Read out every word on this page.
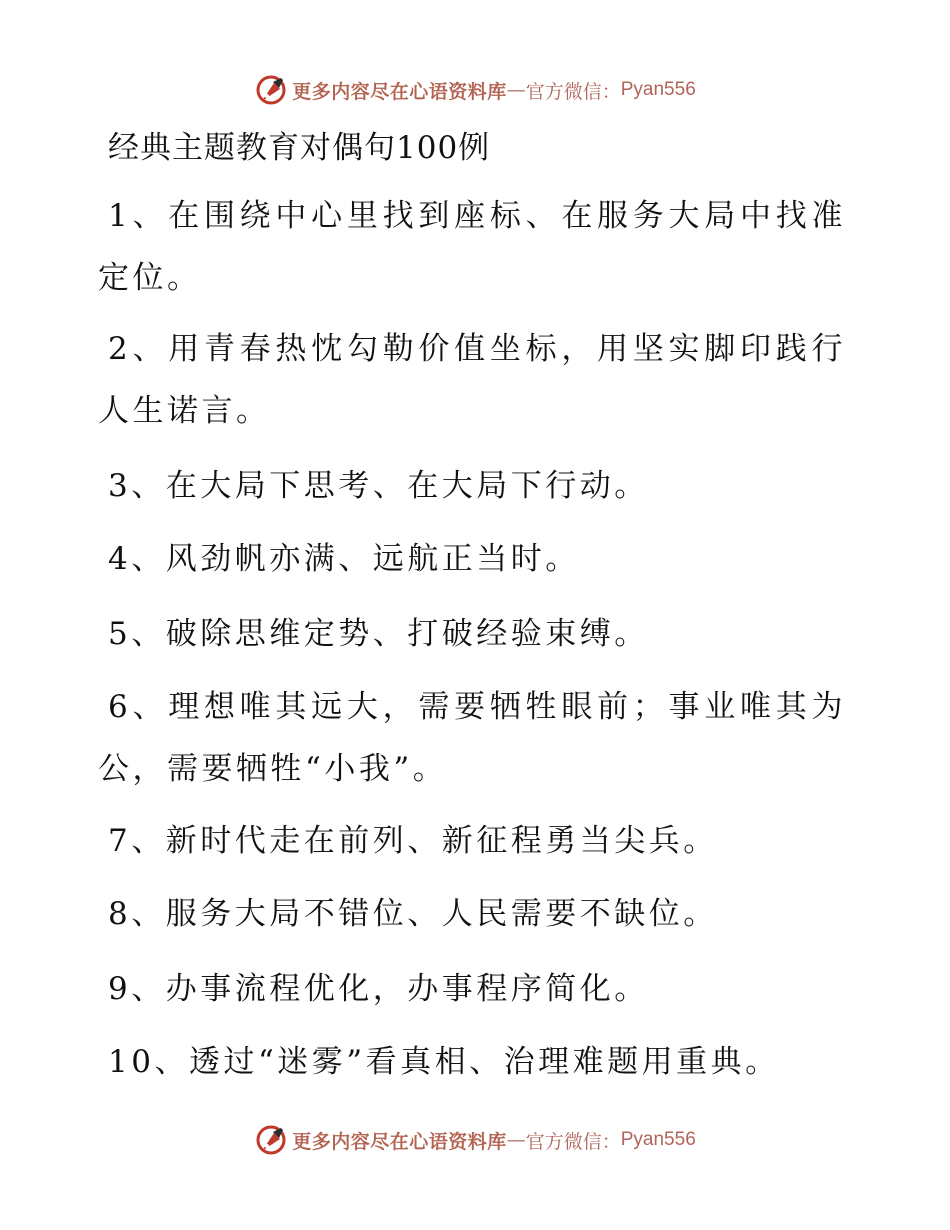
更多内容尽在心语资料库 — 官方微信： Pyan556
经典主题教育对偶句100例

1、在围绕中心里找到座标、在服务大局中找准定位。

2、用青春热忱勾勒价值坐标，用坚实脚印践行人生诺言。

3、在大局下思考、在大局下行动。

4、风劲帆亦满、远航正当时。

5、破除思维定势、打破经验束缚。

6、理想唯其远大，需要牺牲眼前；事业唯其为公，需要牺牲“小我”。

7、新时代走在前列、新征程勇当尖兵。

8、服务大局不错位、人民需要不缺位。

9、办事流程优化，办事程序简化。

10、透过“迷雾”看真相、治理难题用重典。

更多内容尽在心语资料库 — 官方微信： Pyan556
